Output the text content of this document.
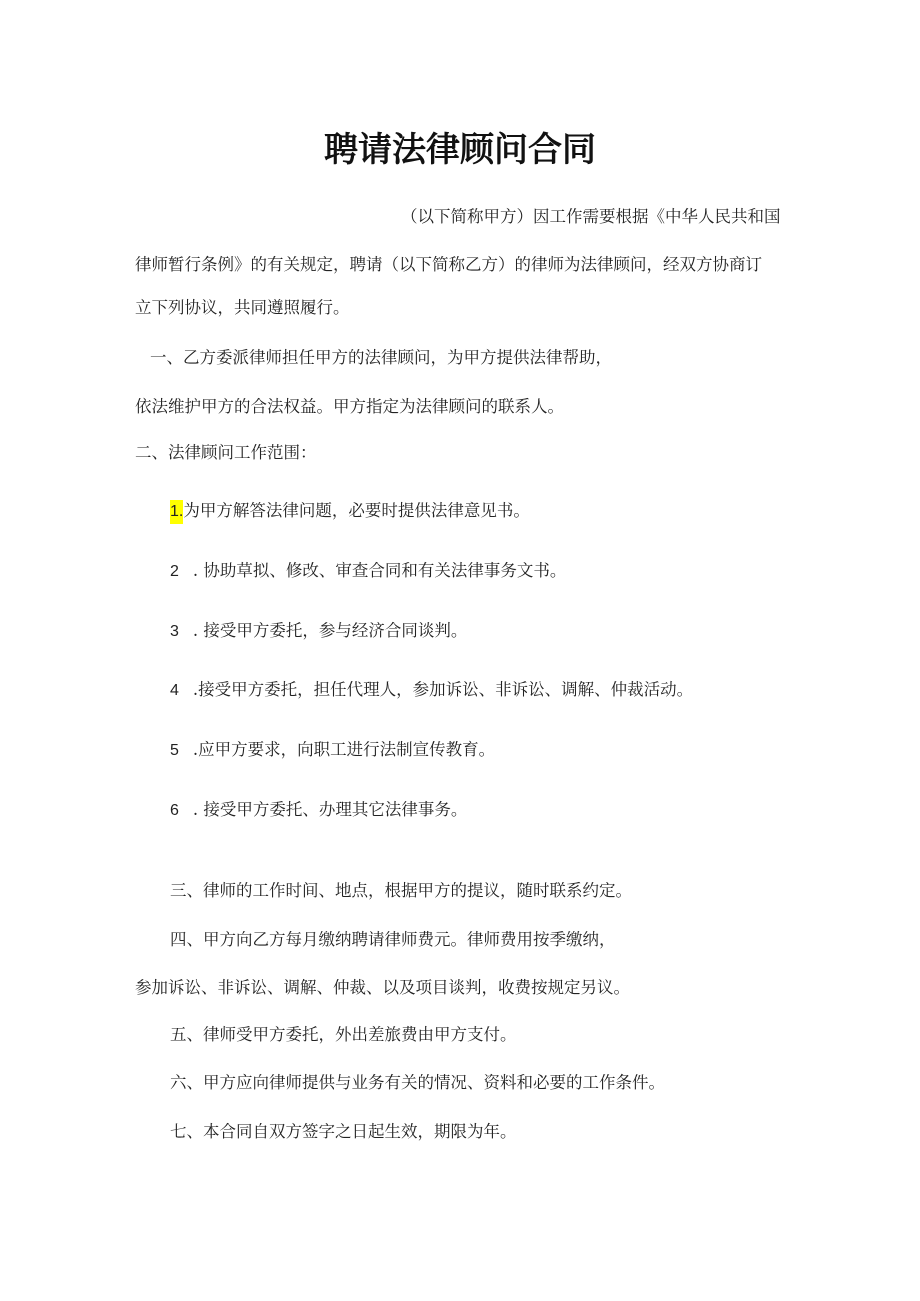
聘请法律顾问合同
（以下简称甲方）因工作需要根据《中华人民共和国
律师暂行条例》的有关规定，聘请（以下简称乙方）的律师为法律顾问，经双方协商订
立下列协议，共同遵照履行。
一、乙方委派律师担任甲方的法律顾问，为甲方提供法律帮助，
依法维护甲方的合法权益。甲方指定为法律顾问的联系人。
二、法律顾问工作范围：
1.为甲方解答法律问题，必要时提供法律意见书。
2 . 协助草拟、修改、审查合同和有关法律事务文书。
3 . 接受甲方委托，参与经济合同谈判。
4 .接受甲方委托，担任代理人，参加诉讼、非诉讼、调解、仲裁活动。
5 .应甲方要求，向职工进行法制宣传教育。
6 . 接受甲方委托、办理其它法律事务。
三、律师的工作时间、地点，根据甲方的提议，随时联系约定。
四、甲方向乙方每月缴纳聘请律师费元。律师费用按季缴纳，
参加诉讼、非诉讼、调解、仲裁、以及项目谈判，收费按规定另议。
五、律师受甲方委托，外出差旅费由甲方支付。
六、甲方应向律师提供与业务有关的情况、资料和必要的工作条件。
七、本合同自双方签字之日起生效，期限为年。
